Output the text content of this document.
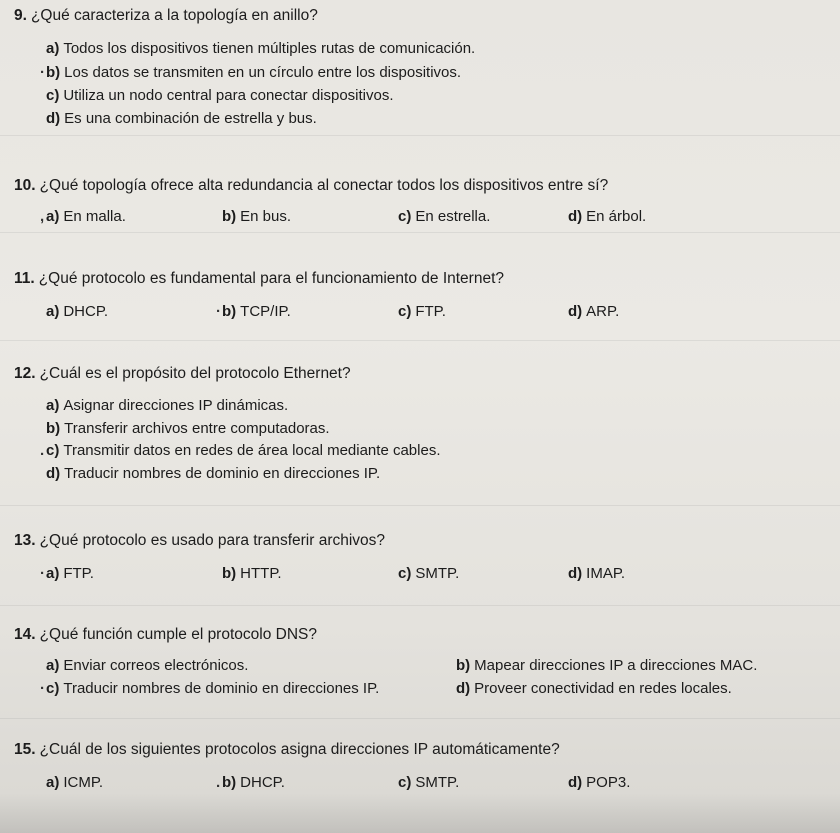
9. ¿Qué caracteriza a la topología en anillo?
a) Todos los dispositivos tienen múltiples rutas de comunicación.
·b) Los datos se transmiten en un círculo entre los dispositivos.
c) Utiliza un nodo central para conectar dispositivos.
d) Es una combinación de estrella y bus.
10. ¿Qué topología ofrece alta redundancia al conectar todos los dispositivos entre sí?
, a) En malla.	b) En bus.	c) En estrella.	d) En árbol.
11. ¿Qué protocolo es fundamental para el funcionamiento de Internet?
a) DHCP.	·b) TCP/IP.	c) FTP.	d) ARP.
12. ¿Cuál es el propósito del protocolo Ethernet?
a) Asignar direcciones IP dinámicas.
b) Transferir archivos entre computadoras.
. c) Transmitir datos en redes de área local mediante cables.
d) Traducir nombres de dominio en direcciones IP.
13. ¿Qué protocolo es usado para transferir archivos?
·a) FTP.	b) HTTP.	c) SMTP.	d) IMAP.
14. ¿Qué función cumple el protocolo DNS?
a) Enviar correos electrónicos.	b) Mapear direcciones IP a direcciones MAC.
·c) Traducir nombres de dominio en direcciones IP.	d) Proveer conectividad en redes locales.
15. ¿Cuál de los siguientes protocolos asigna direcciones IP automáticamente?
a) ICMP.	. b) DHCP.	c) SMTP.	d) POP3.
